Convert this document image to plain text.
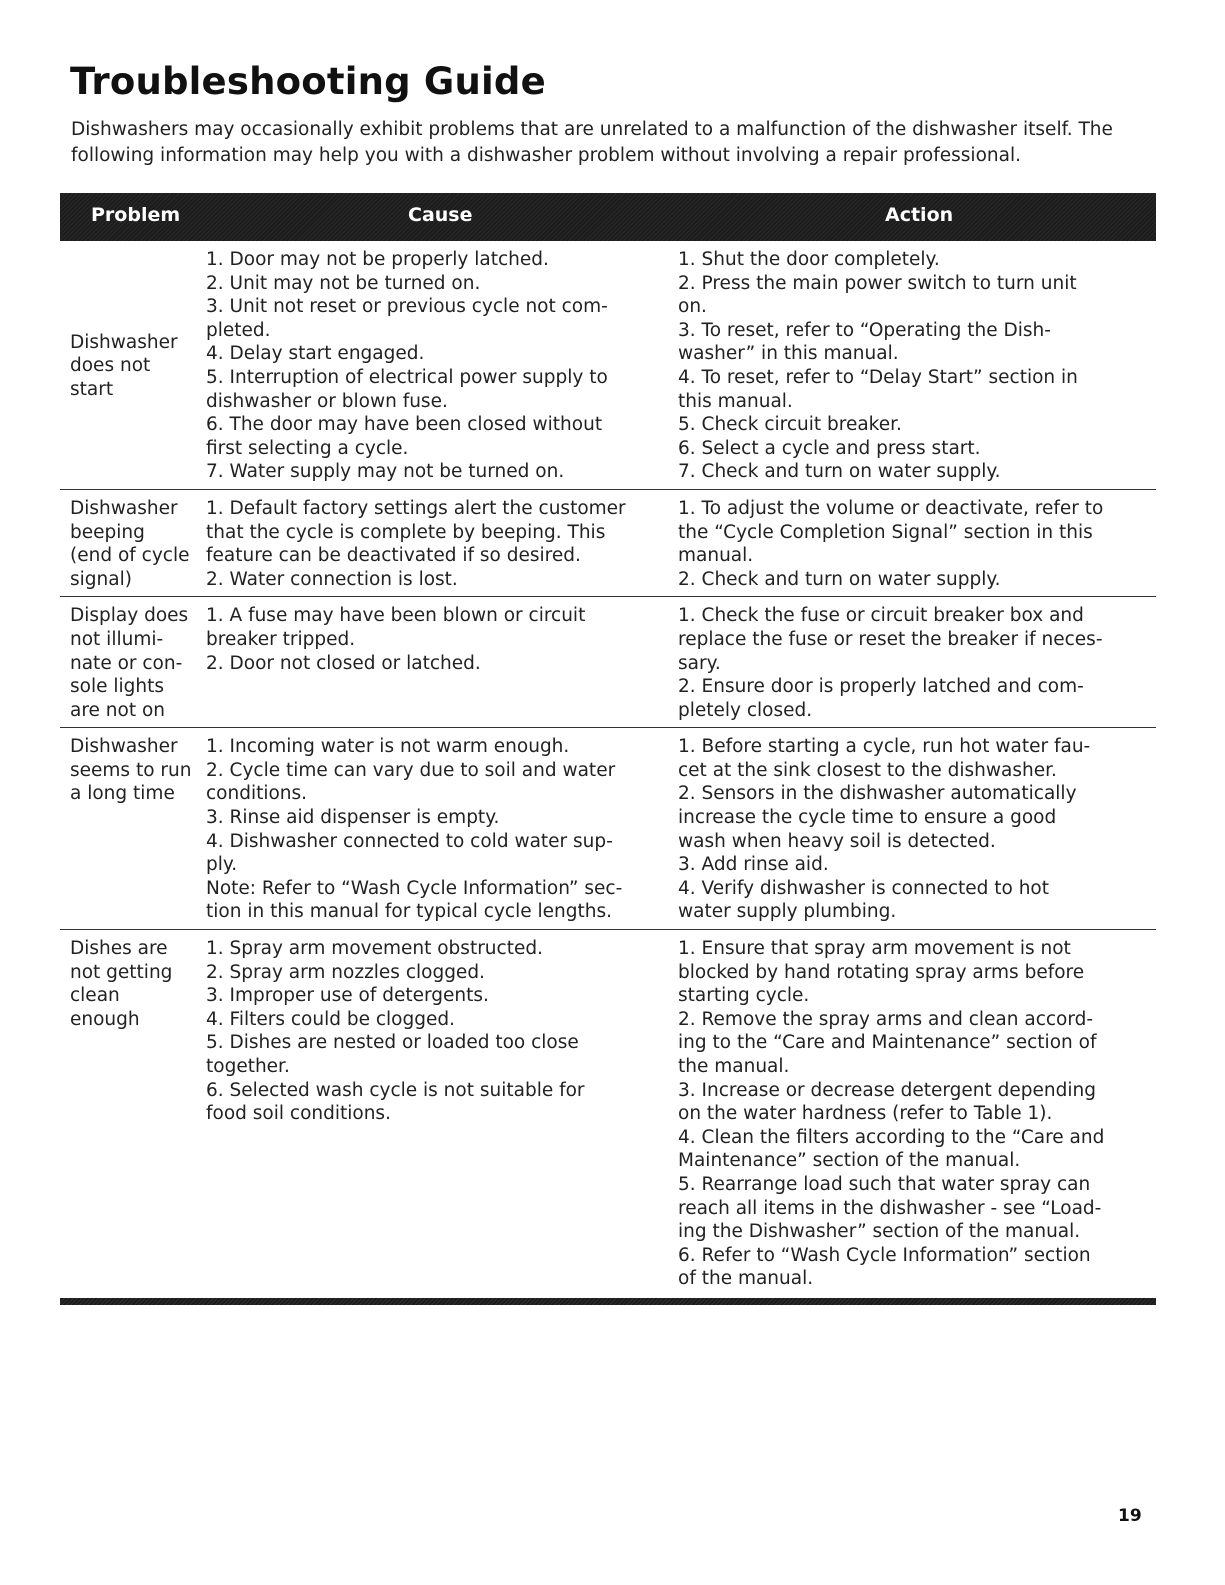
Troubleshooting Guide

Dishwashers may occasionally exhibit problems that are unrelated to a malfunction of the dishwasher itself. The following information may help you with a dishwasher problem without involving a repair professional.

Problem	Cause	Action
Dishwasher
does not
start
1. Door may not be properly latched.
2. Unit may not be turned on.
3. Unit not reset or previous cycle not com-
pleted.
4. Delay start engaged.
5. Interruption of electrical power supply to
dishwasher or blown fuse.
6. The door may have been closed without
first selecting a cycle.
7. Water supply may not be turned on.
1. Shut the door completely.
2. Press the main power switch to turn unit
on.
3. To reset, refer to “Operating the Dish-
washer” in this manual.
4. To reset, refer to “Delay Start” section in
this manual.
5. Check circuit breaker.
6. Select a cycle and press start.
7. Check and turn on water supply.
Dishwasher
beeping
(end of cycle
signal)
1. Default factory settings alert the customer
that the cycle is complete by beeping. This
feature can be deactivated if so desired.
2. Water connection is lost.
1. To adjust the volume or deactivate, refer to
the “Cycle Completion Signal” section in this
manual.
2. Check and turn on water supply.
Display does
not illumi-
nate or con-
sole lights
are not on
1. A fuse may have been blown or circuit
breaker tripped.
2. Door not closed or latched.
1. Check the fuse or circuit breaker box and
replace the fuse or reset the breaker if neces-
sary.
2. Ensure door is properly latched and com-
pletely closed.
Dishwasher
seems to run
a long time
1. Incoming water is not warm enough.
2. Cycle time can vary due to soil and water
conditions.
3. Rinse aid dispenser is empty.
4. Dishwasher connected to cold water sup-
ply.
Note: Refer to “Wash Cycle Information” sec-
tion in this manual for typical cycle lengths.
1. Before starting a cycle, run hot water fau-
cet at the sink closest to the dishwasher.
2. Sensors in the dishwasher automatically
increase the cycle time to ensure a good
wash when heavy soil is detected.
3. Add rinse aid.
4. Verify dishwasher is connected to hot
water supply plumbing.
Dishes are
not getting
clean
enough
1. Spray arm movement obstructed.
2. Spray arm nozzles clogged.
3. Improper use of detergents.
4. Filters could be clogged.
5. Dishes are nested or loaded too close
together.
6. Selected wash cycle is not suitable for
food soil conditions.
1. Ensure that spray arm movement is not
blocked by hand rotating spray arms before
starting cycle.
2. Remove the spray arms and clean accord-
ing to the “Care and Maintenance” section of
the manual.
3. Increase or decrease detergent depending
on the water hardness (refer to Table 1).
4. Clean the filters according to the “Care and
Maintenance” section of the manual.
5. Rearrange load such that water spray can
reach all items in the dishwasher - see “Load-
ing the Dishwasher” section of the manual.
6. Refer to “Wash Cycle Information” section
of the manual.
19
